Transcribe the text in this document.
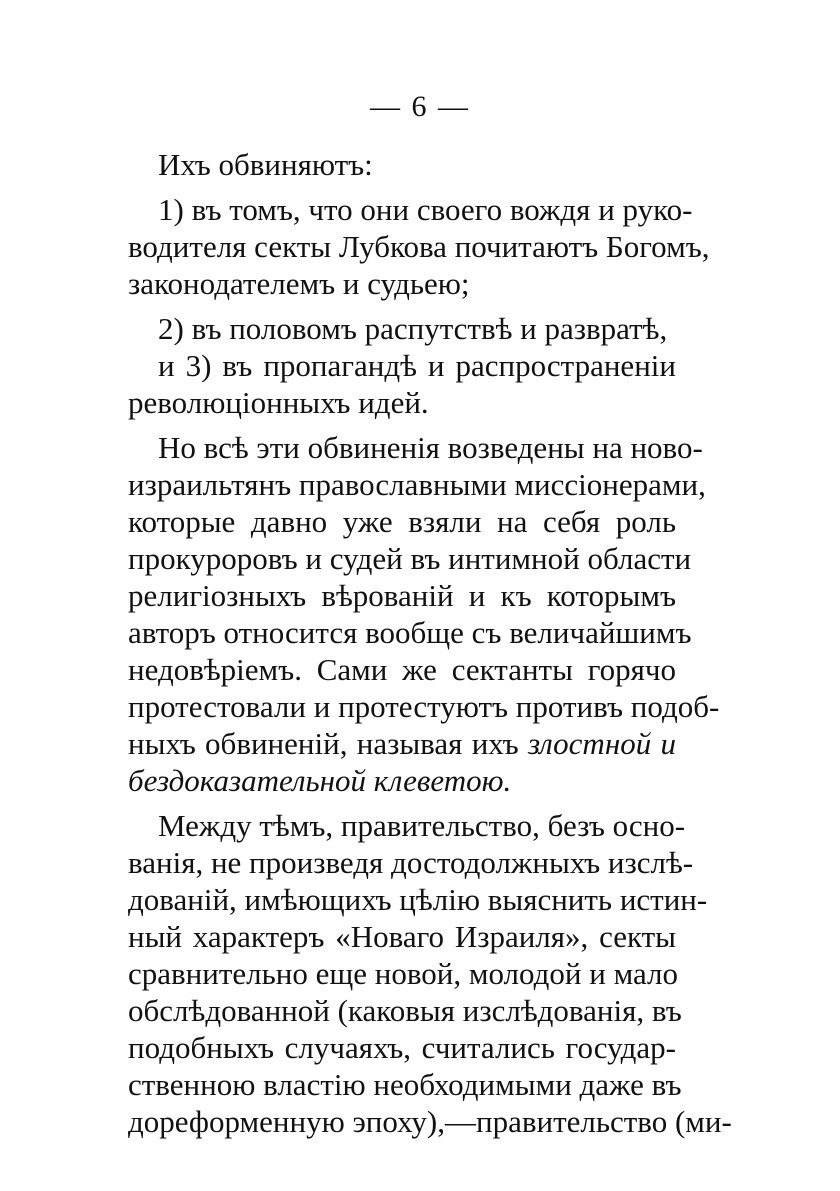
— 6 —
Ихъ обвиняютъ:
1) въ томъ, что они своего вождя и руко-
водителя секты Лубкова почитаютъ Богомъ,
законодателемъ и судьею;
2) въ половомъ распутствѣ и развратѣ,
и 3) въ пропагандѣ и распространеніи
революціонныхъ идей.
Но всѣ эти обвиненія возведены на ново-
израильтянъ православными миссіонерами,
которые давно уже взяли на себя роль
прокуроровъ и судей въ интимной области
религіозныхъ вѣрованій и къ которымъ
авторъ относится вообще съ величайшимъ
недовѣріемъ. Сами же сектанты горячо
протестовали и протестуютъ противъ подоб-
ныхъ обвиненій, называя ихъ злостной и
бездоказательной клеветою.
Между тѣмъ, правительство, безъ осно-
ванія, не произведя достодолжныхъ изслѣ-
дованій, имѣющихъ цѣлію выяснить истин-
ный характеръ «Новаго Израиля», секты
сравнительно еще новой, молодой и мало
обслѣдованной (каковыя изслѣдованія, въ
подобныхъ случаяхъ, считались государ-
ственною властію необходимыми даже въ
дореформенную эпоху),—правительство (ми-
